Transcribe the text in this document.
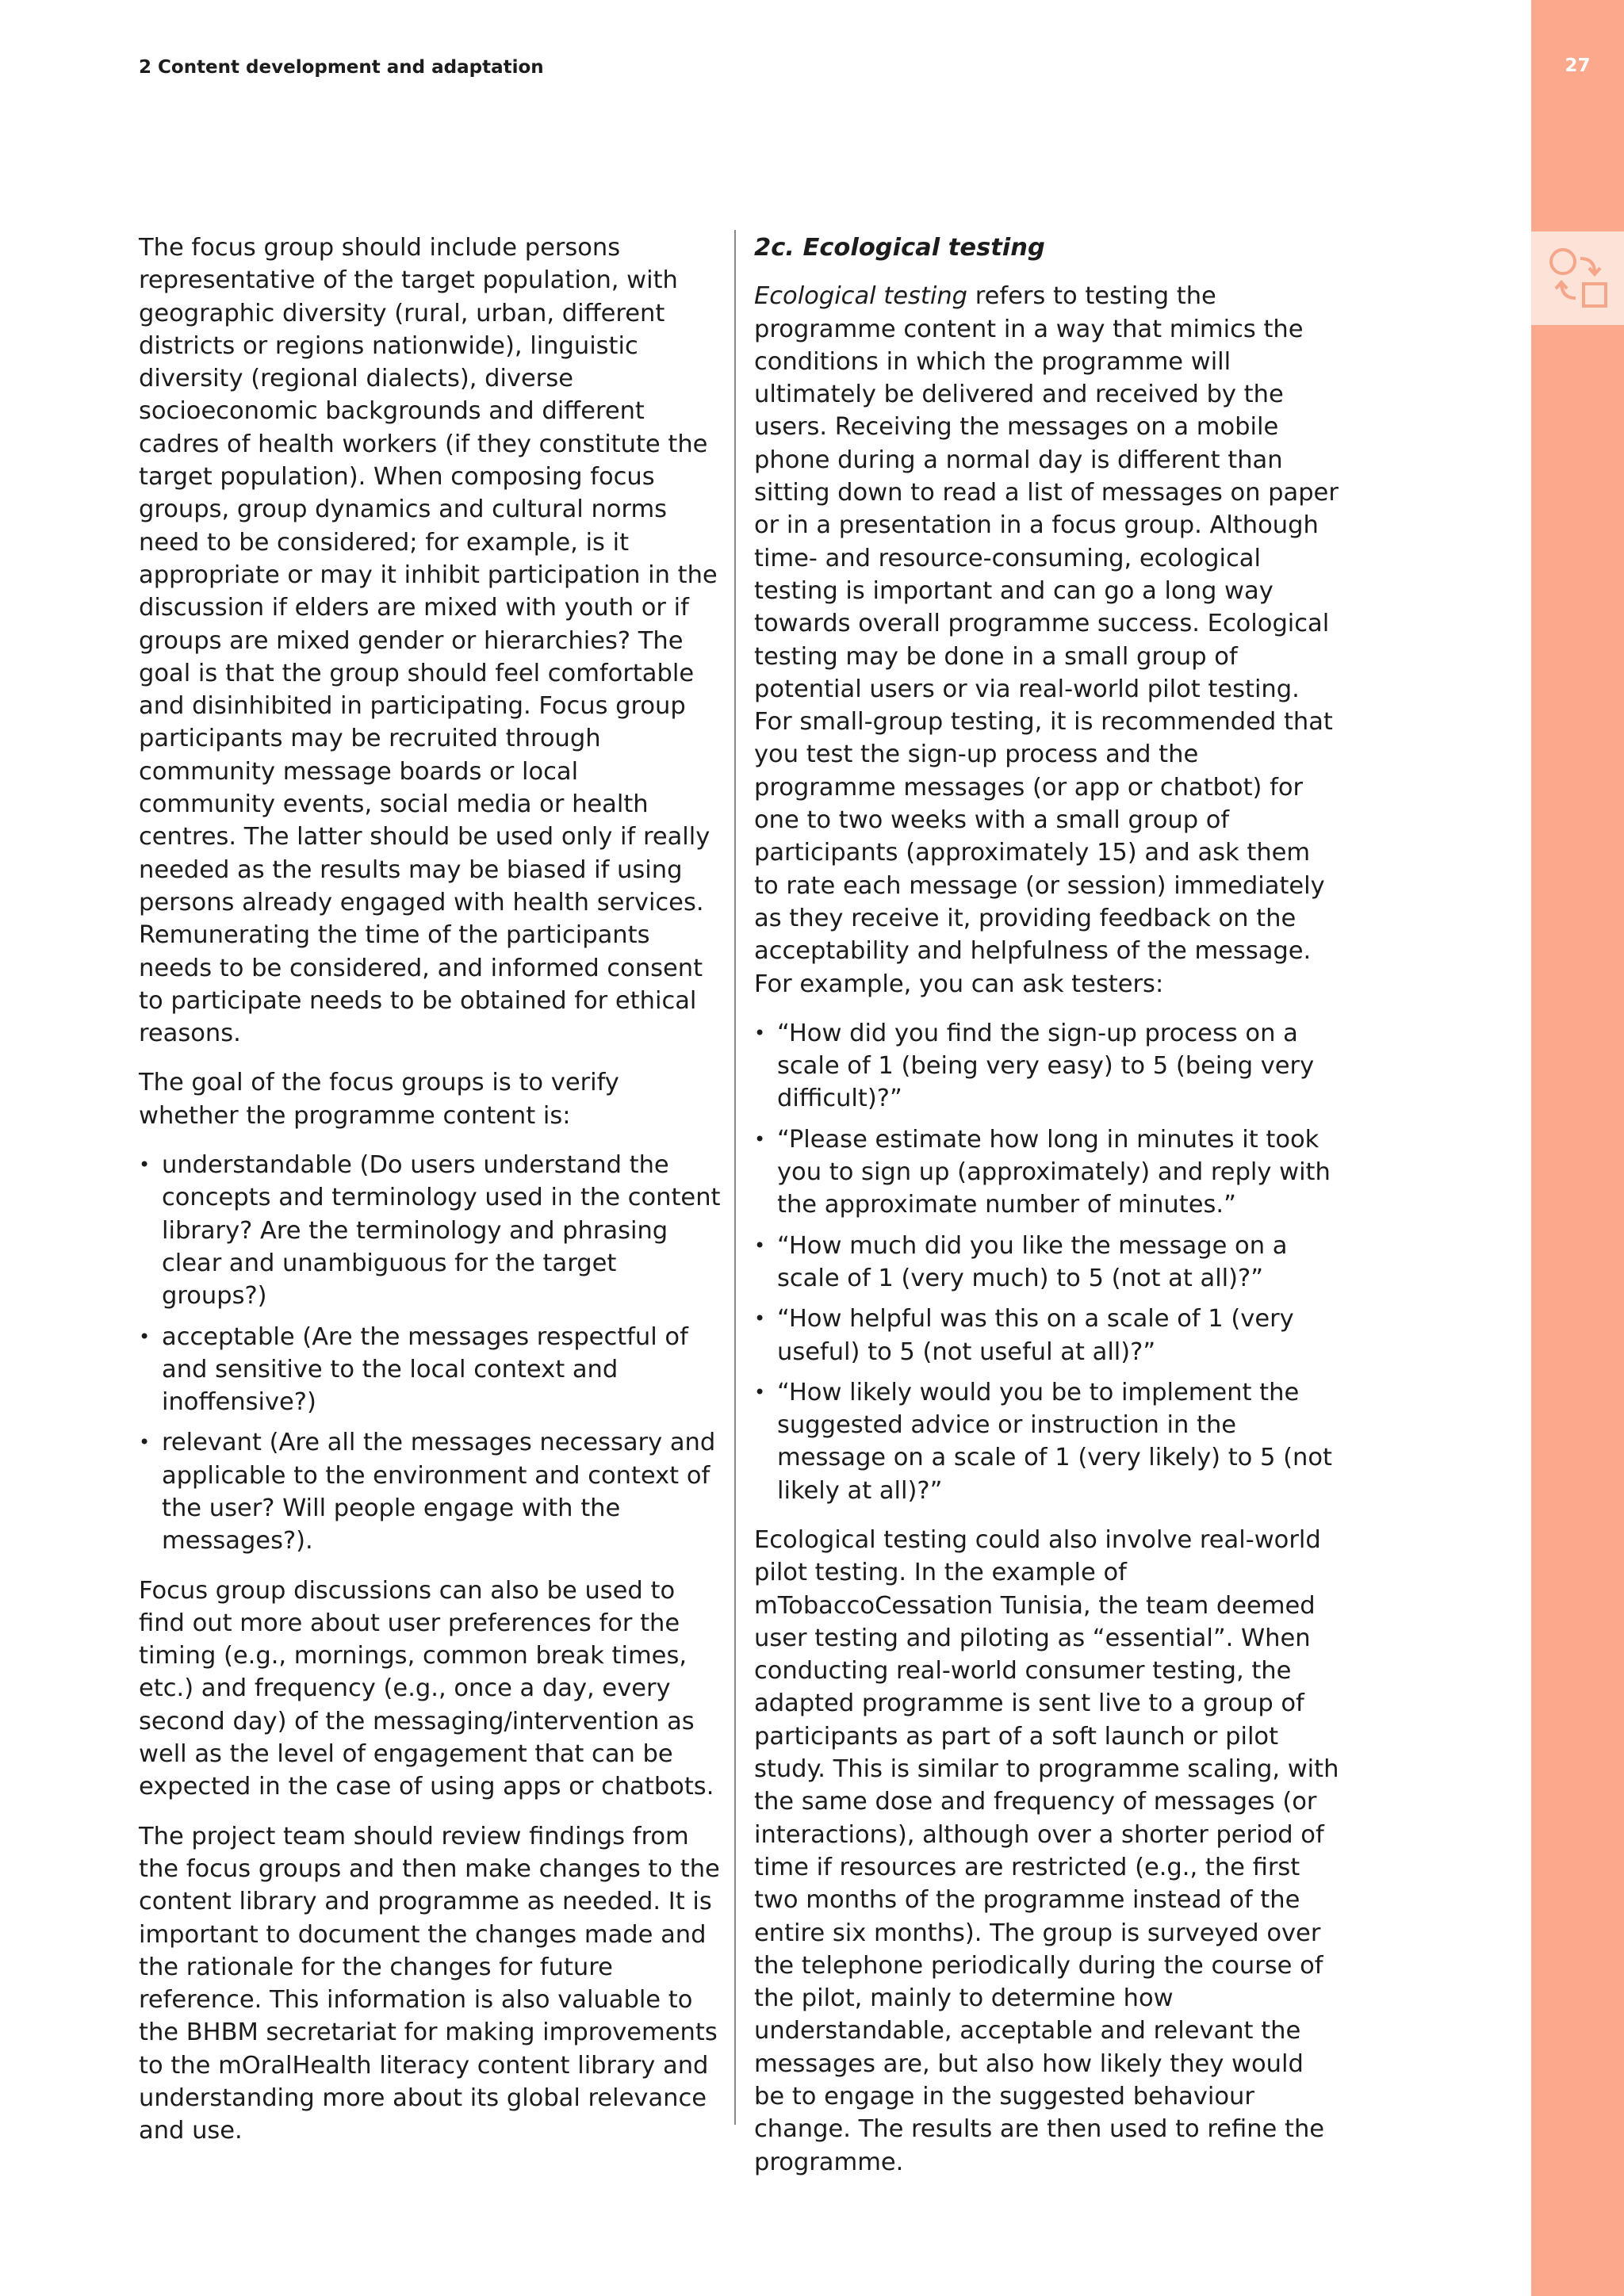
27
2 Content development and adaptation

The focus group should include persons representative of the target population, with geographic diversity (rural, urban, different districts or regions nationwide), linguistic diversity (regional dialects), diverse socioeconomic backgrounds and different cadres of health workers (if they constitute the target population). When composing focus groups, group dynamics and cultural norms need to be considered; for example, is it appropriate or may it inhibit participation in the discussion if elders are mixed with youth or if groups are mixed gender or hierarchies? The goal is that the group should feel comfortable and disinhibited in participating. Focus group participants may be recruited through community message boards or local community events, social media or health centres. The latter should be used only if really needed as the results may be biased if using persons already engaged with health services. Remunerating the time of the participants needs to be considered, and informed consent to participate needs to be obtained for ethical reasons.

The goal of the focus groups is to verify whether the programme content is:

• understandable (Do users understand the concepts and terminology used in the content library? Are the terminology and phrasing clear and unambiguous for the target groups?)
• acceptable (Are the messages respectful of and sensitive to the local context and inoffensive?)
• relevant (Are all the messages necessary and applicable to the environment and context of the user? Will people engage with the messages?).

Focus group discussions can also be used to find out more about user preferences for the timing (e.g., mornings, common break times, etc.) and frequency (e.g., once a day, every second day) of the messaging/intervention as well as the level of engagement that can be expected in the case of using apps or chatbots.

The project team should review findings from the focus groups and then make changes to the content library and programme as needed. It is important to document the changes made and the rationale for the changes for future reference. This information is also valuable to the BHBM secretariat for making improvements to the mOralHealth literacy content library and understanding more about its global relevance and use.

2c. Ecological testing

Ecological testing refers to testing the programme content in a way that mimics the conditions in which the programme will ultimately be delivered and received by the users. Receiving the messages on a mobile phone during a normal day is different than sitting down to read a list of messages on paper or in a presentation in a focus group. Although time- and resource-consuming, ecological testing is important and can go a long way towards overall programme success. Ecological testing may be done in a small group of potential users or via real-world pilot testing. For small-group testing, it is recommended that you test the sign-up process and the programme messages (or app or chatbot) for one to two weeks with a small group of participants (approximately 15) and ask them to rate each message (or session) immediately as they receive it, providing feedback on the acceptability and helpfulness of the message. For example, you can ask testers:

• “How did you find the sign-up process on a scale of 1 (being very easy) to 5 (being very difficult)?”
• “Please estimate how long in minutes it took you to sign up (approximately) and reply with the approximate number of minutes.”
• “How much did you like the message on a scale of 1 (very much) to 5 (not at all)?”
• “How helpful was this on a scale of 1 (very useful) to 5 (not useful at all)?”
• “How likely would you be to implement the suggested advice or instruction in the message on a scale of 1 (very likely) to 5 (not likely at all)?”

Ecological testing could also involve real-world pilot testing. In the example of mTobaccoCessation Tunisia, the team deemed user testing and piloting as “essential”. When conducting real-world consumer testing, the adapted programme is sent live to a group of participants as part of a soft launch or pilot study. This is similar to programme scaling, with the same dose and frequency of messages (or interactions), although over a shorter period of time if resources are restricted (e.g., the first two months of the programme instead of the entire six months). The group is surveyed over the telephone periodically during the course of the pilot, mainly to determine how understandable, acceptable and relevant the messages are, but also how likely they would be to engage in the suggested behaviour change. The results are then used to refine the programme.
